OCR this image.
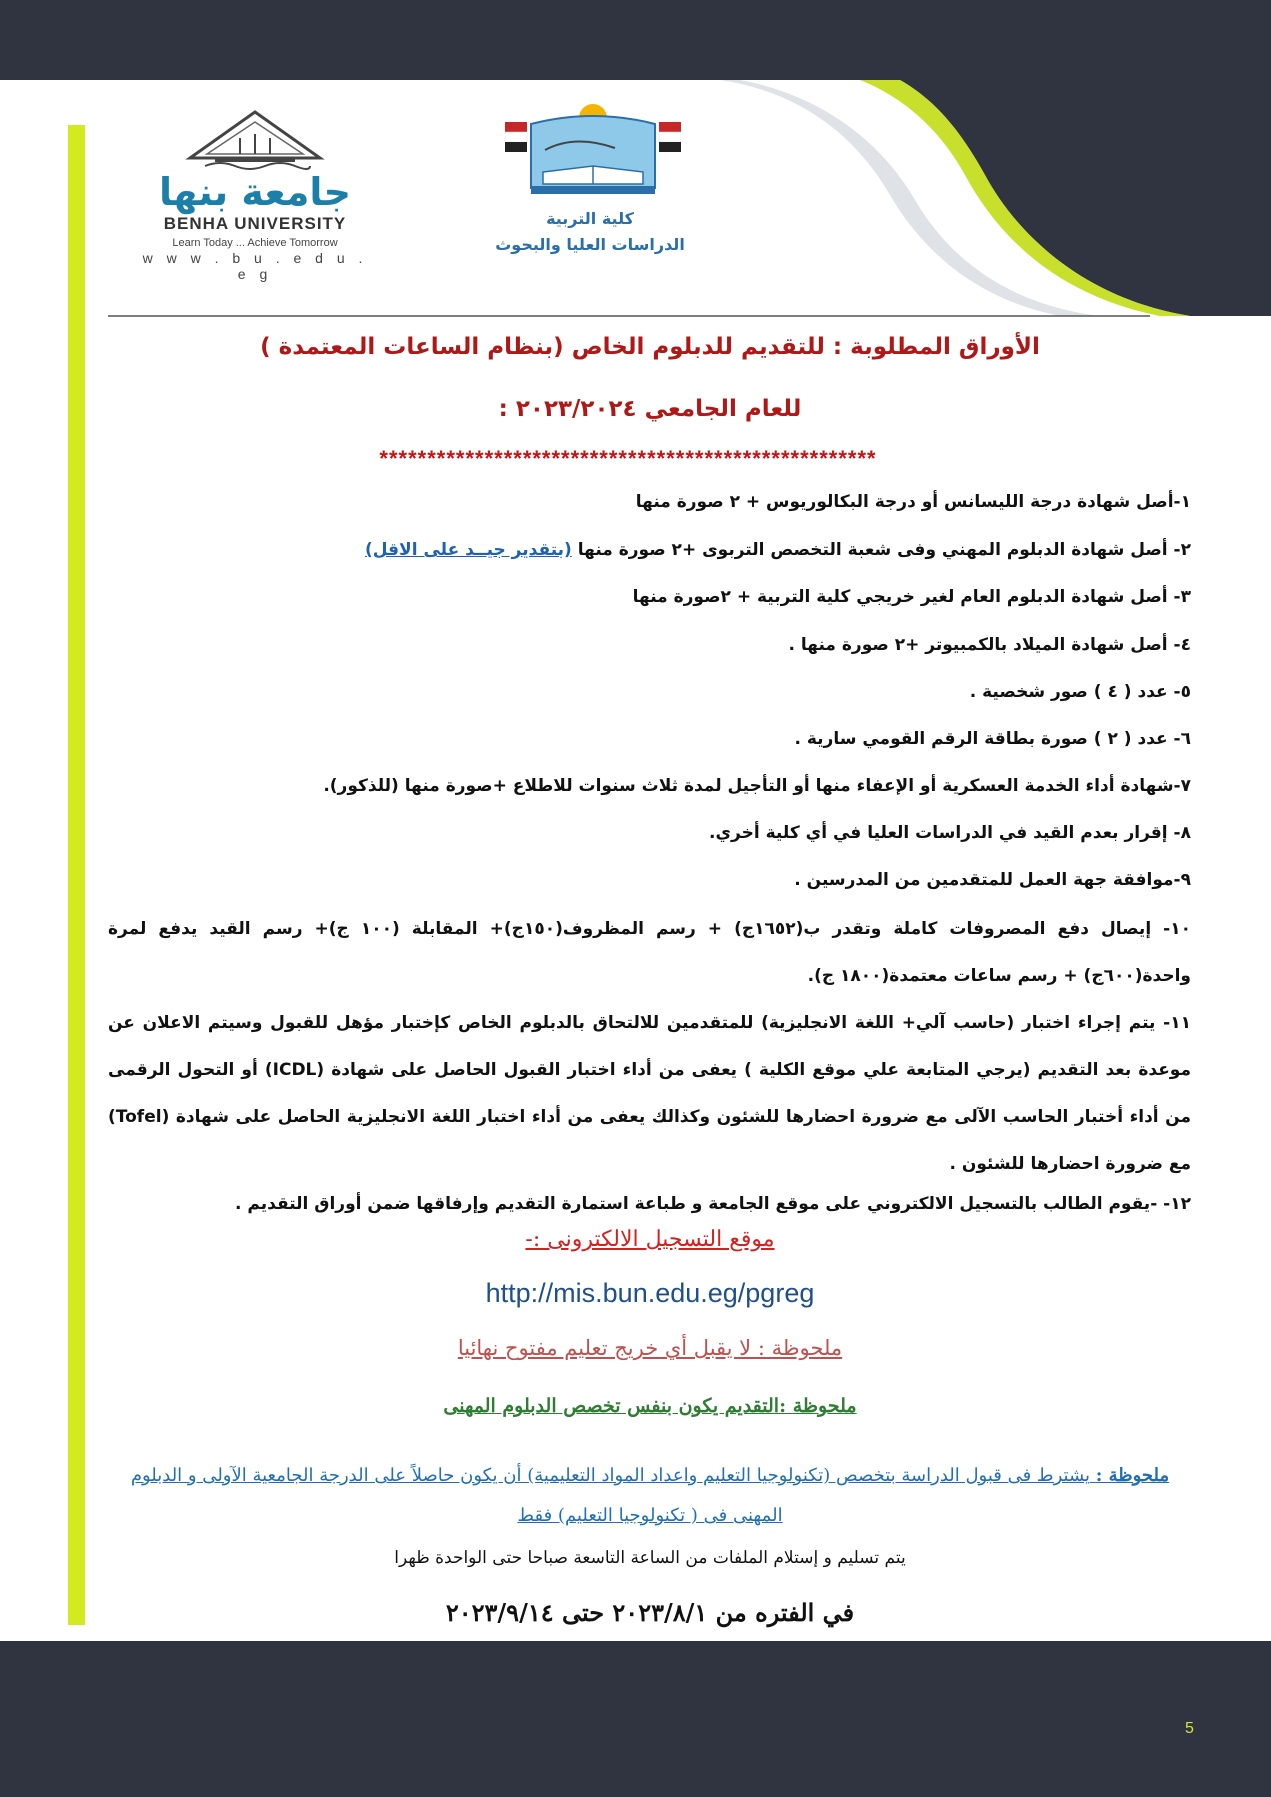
جامعة بنها
BENHA UNIVERSITY
Learn Today ... Achieve Tomorrow
w w w . b u . e d u . e g
كلية التربية
الدراسات العليا والبحوث
الأوراق المطلوبة : للتقديم للدبلوم الخاص (بنظام الساعات المعتمدة )
للعام الجامعي ٢٠٢٣/٢٠٢٤ :
****************************************************
١-أصل شهادة درجة الليسانس أو درجة البكالوريوس + ٢ صورة منها
٢- أصل شهادة الدبلوم المهني وفى شعبة التخصص التربوى +٢ صورة منها (بتقدير جيــد على الاقل)
٣- أصل شهادة الدبلوم العام لغير خريجي كلية التربية + ٢صورة منها
٤- أصل شهادة الميلاد بالكمبيوتر +٢ صورة منها .
٥- عدد ( ٤ ) صور شخصية .
٦- عدد ( ٢ ) صورة بطاقة الرقم القومي سارية .
٧-شهادة أداء الخدمة العسكرية أو الإعفاء منها أو التأجيل لمدة ثلاث سنوات للاطلاع +صورة منها (للذكور).
٨- إقرار بعدم القيد في الدراسات العليا في أي كلية أخري.
٩-موافقة جهة العمل للمتقدمين من المدرسين .
١٠- إيصال دفع المصروفات كاملة وتقدر ب(١٦٥٢ج) + رسم المظروف(١٥٠ج)+ المقابلة (١٠٠ ج)+ رسم القيد يدفع لمرة واحدة(٦٠٠ج) + رسم ساعات معتمدة(١٨٠٠ ج).
١١- يتم إجراء اختبار (حاسب آلي+ اللغة الانجليزية) للمتقدمين للالتحاق بالدبلوم الخاص كإختبار مؤهل للقبول وسيتم الاعلان عن موعدة بعد التقديم (يرجي المتابعة علي موقع الكلية ) يعفى من أداء اختبار القبول الحاصل على شهادة (ICDL) أو التحول الرقمى من أداء أختبار الحاسب الآلى مع ضرورة احضارها للشئون وكذالك يعفى من أداء اختبار اللغة الانجليزية الحاصل على شهادة (Tofel) مع ضرورة احضارها للشئون .
١٢- -يقوم الطالب بالتسجيل الالكتروني على موقع الجامعة و طباعة استمارة التقديم وإرفاقها ضمن أوراق التقديم .
موقع التسجيل الالكترونى :-
http://mis.bun.edu.eg/pgreg
ملحوظة : لا يقبل أي خريج تعليم مفتوح نهائيا
ملحوظة :التقديم يكون بنفس تخصص الدبلوم المهنى
ملحوظة : يشترط فى قبول الدراسة بتخصص (تكنولوجيا التعليم واعداد المواد التعليمية) أن يكون حاصلاً على الدرجة الجامعية الآولى و الدبلوم المهنى فى ( تكنولوجيا التعليم) فقط
يتم تسليم و إستلام الملفات من الساعة التاسعة صباحا حتى الواحدة ظهرا
في الفتره من ٢٠٢٣/٨/١ حتى ٢٠٢٣/٩/١٤
5
